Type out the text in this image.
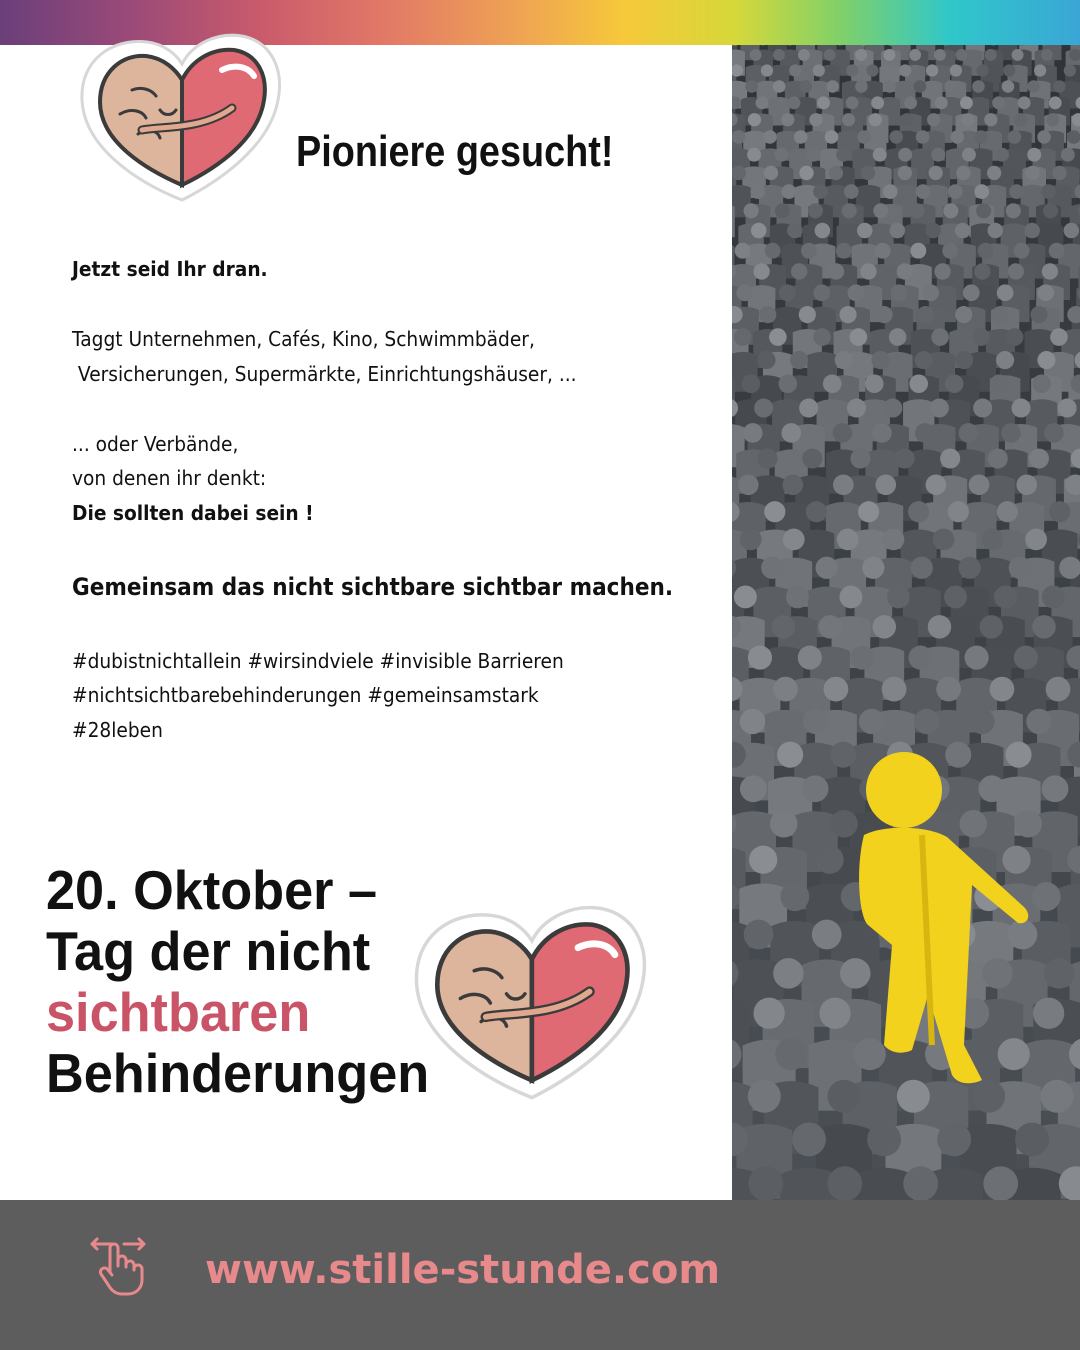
Pioniere gesucht!
Jetzt seid Ihr dran.
Taggt Unternehmen, Cafés, Kino, Schwimmbäder,
Versicherungen, Supermärkte, Einrichtungshäuser, ...
... oder Verbände,
von denen ihr denkt:
Die sollten dabei sein !
Gemeinsam das nicht sichtbare sichtbar machen.
#dubistnichtallein #wirsindviele #invisible Barrieren
#nichtsichtbarebehinderungen #gemeinsamstark
#28leben
20. Oktober –
Tag der nicht
sichtbaren
Behinderungen
www.stille-stunde.com
